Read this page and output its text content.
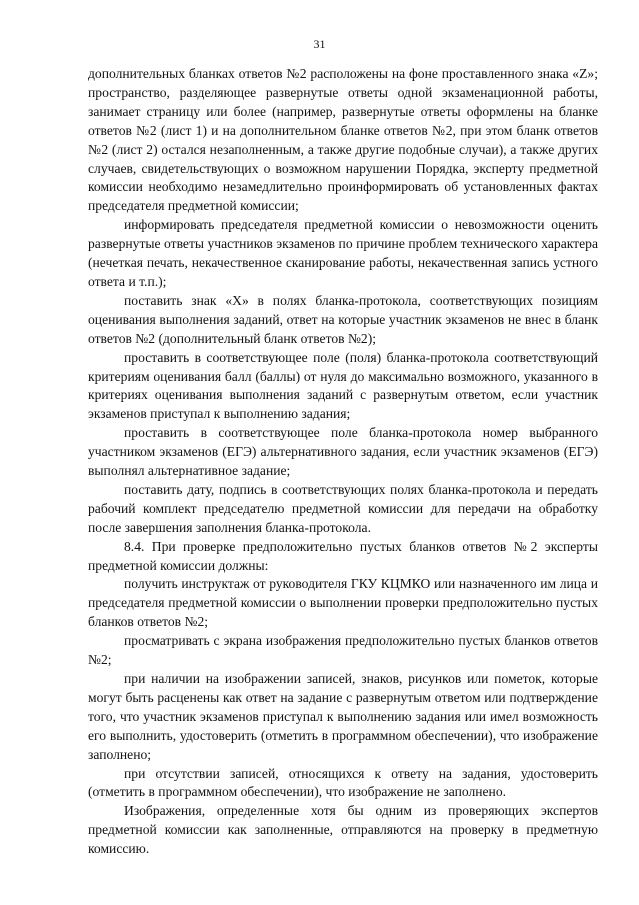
31

дополнительных бланках ответов №2 расположены на фоне проставленного знака «Z»; пространство, разделяющее развернутые ответы одной экзаменационной работы, занимает страницу или более (например, развернутые ответы оформлены на бланке ответов №2 (лист 1) и на дополнительном бланке ответов №2, при этом бланк ответов №2 (лист 2) остался незаполненным, а также другие подобные случаи), а также других случаев, свидетельствующих о возможном нарушении Порядка, эксперту предметной комиссии необходимо незамедлительно проинформировать об установленных фактах председателя предметной комиссии;

информировать председателя предметной комиссии о невозможности оценить развернутые ответы участников экзаменов по причине проблем технического характера (нечеткая печать, некачественное сканирование работы, некачественная запись устного ответа и т.п.);

поставить знак «X» в полях бланка-протокола, соответствующих позициям оценивания выполнения заданий, ответ на которые участник экзаменов не внес в бланк ответов №2 (дополнительный бланк ответов №2);

проставить в соответствующее поле (поля) бланка-протокола соответствующий критериям оценивания балл (баллы) от нуля до максимально возможного, указанного в критериях оценивания выполнения заданий с развернутым ответом, если участник экзаменов приступал к выполнению задания;

проставить в соответствующее поле бланка-протокола номер выбранного участником экзаменов (ЕГЭ) альтернативного задания, если участник экзаменов (ЕГЭ) выполнял альтернативное задание;

поставить дату, подпись в соответствующих полях бланка-протокола и передать рабочий комплект председателю предметной комиссии для передачи на обработку после завершения заполнения бланка-протокола.

8.4. При проверке предположительно пустых бланков ответов №2 эксперты предметной комиссии должны:

получить инструктаж от руководителя ГКУ КЦМКО или назначенного им лица и председателя предметной комиссии о выполнении проверки предположительно пустых бланков ответов №2;

просматривать с экрана изображения предположительно пустых бланков ответов №2;

при наличии на изображении записей, знаков, рисунков или пометок, которые могут быть расценены как ответ на задание с развернутым ответом или подтверждение того, что участник экзаменов приступал к выполнению задания или имел возможность его выполнить, удостоверить (отметить в программном обеспечении), что изображение заполнено;

при отсутствии записей, относящихся к ответу на задания, удостоверить (отметить в программном обеспечении), что изображение не заполнено.

Изображения, определенные хотя бы одним из проверяющих экспертов предметной комиссии как заполненные, отправляются на проверку в предметную комиссию.
